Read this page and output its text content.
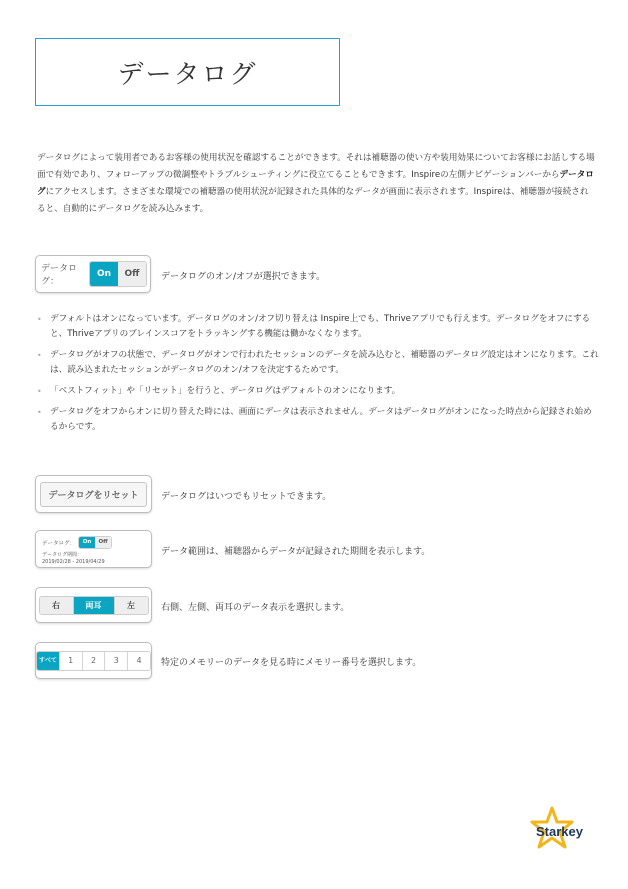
データログ
データログによって装用者であるお客様の使用状況を確認することができます。それは補聴器の使い方や装用効果についてお客様にお話しする場面で有効であり、フォローアップの微調整やトラブルシューティングに役立てることもできます。Inspireの左側ナビゲーションバーからデータログにアクセスします。さまざまな環境での補聴器の使用状況が記録された具体的なデータが画面に表示されます。Inspireは、補聴器が接続されると、自動的にデータログを読み込みます。
データログ：
On	Off	データログのオン/オフが選択できます。
• デフォルトはオンになっています。データログのオン/オフ切り替えは Inspire上でも、Thriveアプリでも行えます。データログをオフにすると、Thriveアプリのブレインスコアをトラッキングする機能は働かなくなります。
• データログがオフの状態で、データログがオンで行われたセッションのデータを読み込むと、補聴器のデータログ設定はオンになります。これは、読み込まれたセッションがデータログのオン/オフを決定するためです。
• 「ベストフィット」や「リセット」を行うと、データログはデフォルトのオンになります。
• データログをオフからオンに切り替えた時には、画面にデータは表示されません。データはデータログがオンになった時点から記録され始めるからです。
データログをリセット	データログはいつでもリセットできます。
データログ：	On	Off
データログ期間：
2019/02/28 - 2019/04/29
データ範囲は、補聴器からデータが記録された期間を表示します。
右	両耳	左	右側、左側、両耳のデータ表示を選択します。
すべて	1	2	3	4	特定のメモリーのデータを見る時にメモリー番号を選択します。
Starkey
